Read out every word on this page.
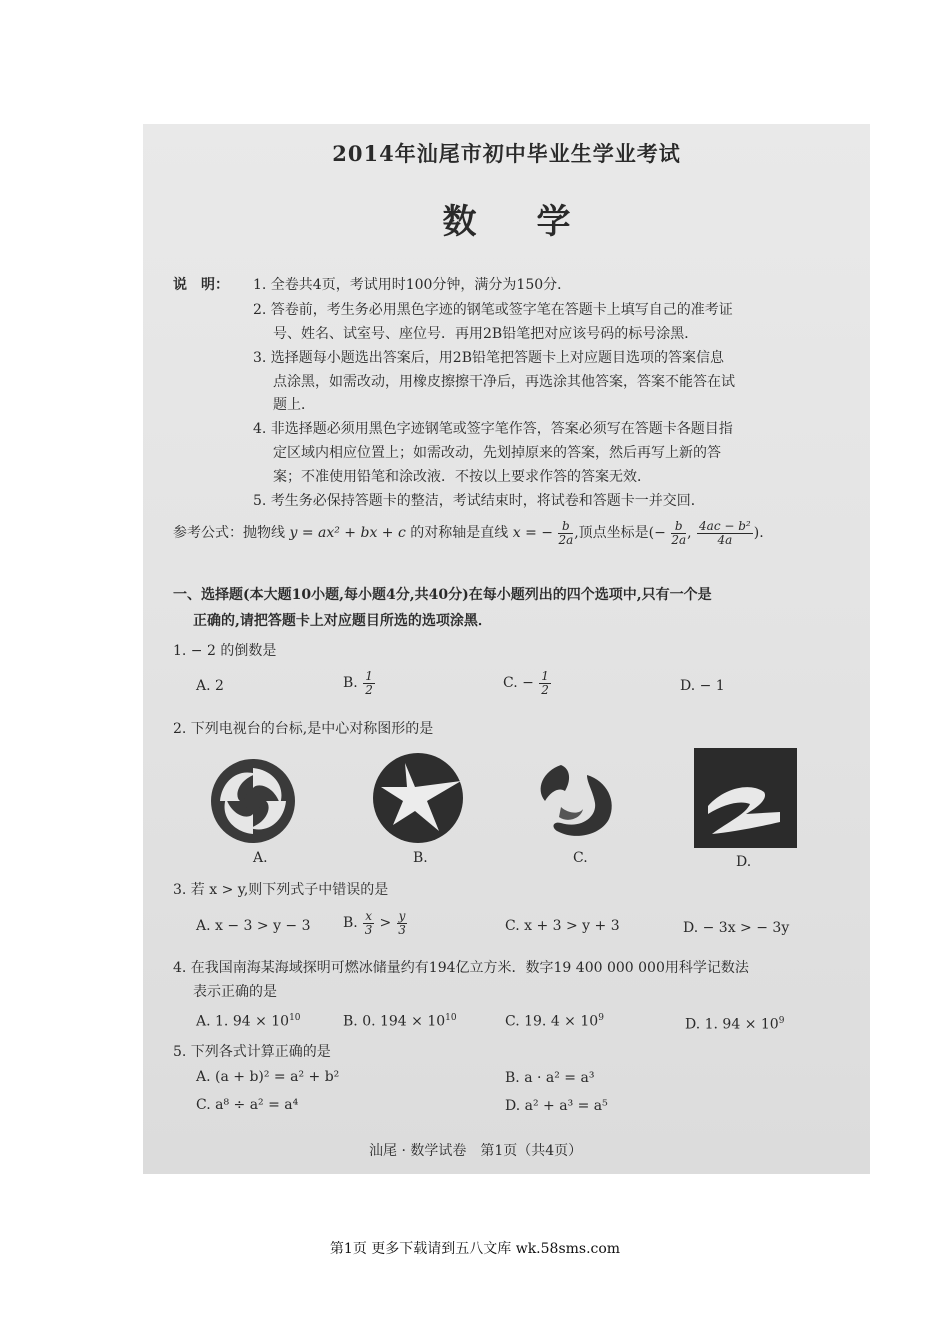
2014年汕尾市初中毕业生学业考试
数学
说　明： 1. 全卷共4页，考试用时100分钟，满分为150分．
2. 答卷前，考生务必用黑色字迹的钢笔或签字笔在答题卡上填写自己的准考证
号、姓名、试室号、座位号．再用2B铅笔把对应该号码的标号涂黑．
3. 选择题每小题选出答案后，用2B铅笔把答题卡上对应题目选项的答案信息
点涂黑，如需改动，用橡皮擦擦干净后，再选涂其他答案，答案不能答在试
题上．
4. 非选择题必须用黑色字迹钢笔或签字笔作答，答案必须写在答题卡各题目指
定区域内相应位置上；如需改动，先划掉原来的答案，然后再写上新的答
案；不准使用铅笔和涂改液．不按以上要求作答的答案无效．
5. 考生务必保持答题卡的整洁，考试结束时，将试卷和答题卡一并交回．
参考公式：抛物线 y = ax² + bx + c 的对称轴是直线 x = − $\frac{b}{2a}$ ,顶点坐标是(− $\frac{b}{2a}$ , $\frac{\text{4ac − b²}}{4a}$ ).
一、选择题(本大题10小题,每小题4分,共40分)在每小题列出的四个选项中,只有一个是
正确的,请把答题卡上对应题目所选的选项涂黑．
1. − 2 的倒数是
A. 2	B. $\frac{1}{2}$	C. − $\frac{1}{2}$	D. − 1
2. 下列电视台的台标,是中心对称图形的是
A.	B.	C.	D.
3. 若 x > y,则下列式子中错误的是
A. x − 3 > y − 3 B. $\frac{x}{3} > \frac{y}{3}$	C. x + 3 > y + 3	D. − 3x > − 3y
4. 在我国南海某海域探明可燃冰储量约有194亿立方米．数字19 400 000 000用科学记数法
表示正确的是
A. 1. $94 \times 10^{10}$	B. 0. $194 \times 10^{10}$	C. 19. $4 \times 10^9$	D. 1. $94 \times 10^9$
5. 下列各式计算正确的是
A. (a + b)² = a² + b²	B. a · a² = a³
C. a⁸ ÷ a² = a⁴	D. a² + a³ = a⁵
汕尾 · 数学试卷　第1页（共4页）
第1页 更多下载请到五八文库 wk.58sms.com
